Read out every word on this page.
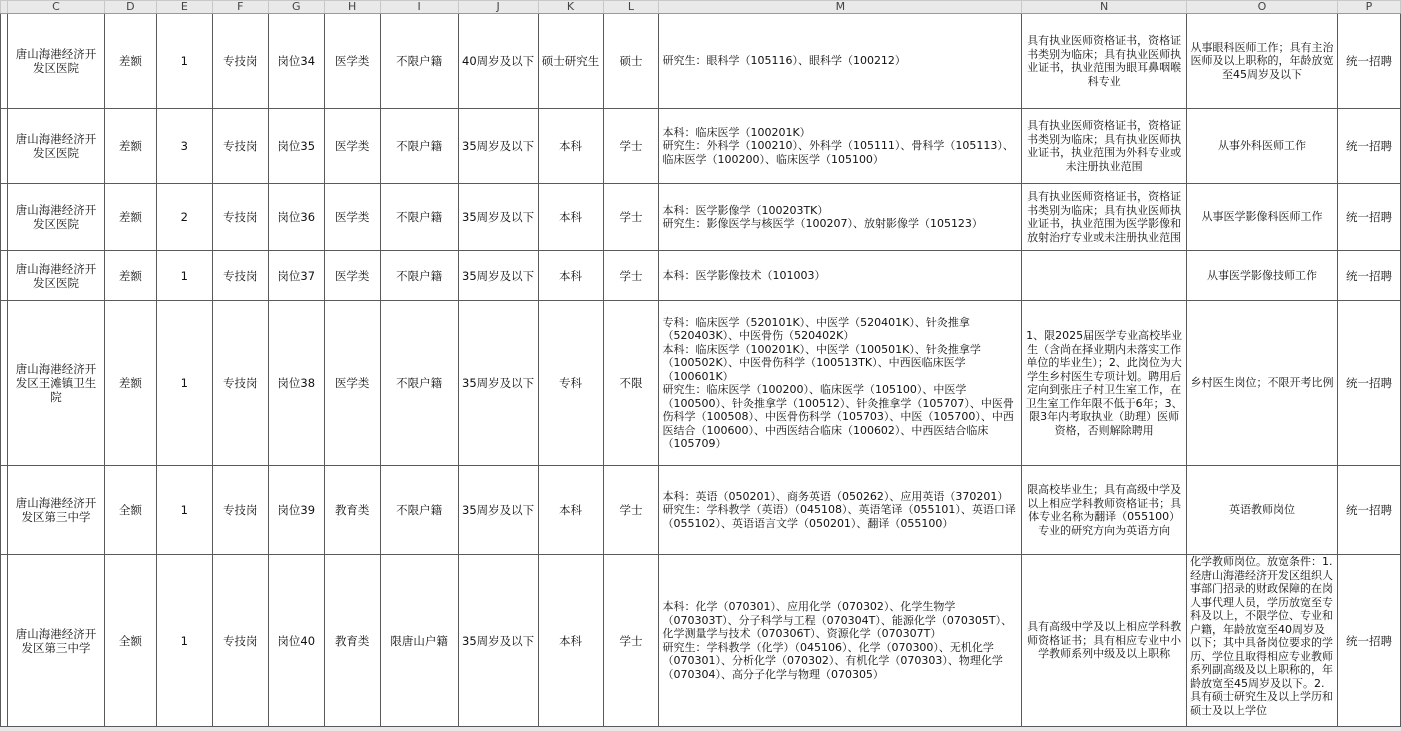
	C	D	E	F	G	H	I	J	K	L	M	N	O	P
	唐山海港经济开发区医院	差额	1	专技岗	岗位34	医学类	不限户籍	40周岁及以下	硕士研究生	硕士	研究生：眼科学（105116）、眼科学（100212）	具有执业医师资格证书，资格证书类别为临床；具有执业医师执业证书，执业范围为眼耳鼻咽喉科专业	从事眼科医师工作；具有主治医师及以上职称的，年龄放宽至45周岁及以下	统一招聘
	唐山海港经济开发区医院	差额	3	专技岗	岗位35	医学类	不限户籍	35周岁及以下	本科	学士	本科：临床医学（100201K）
研究生：外科学（100210）、外科学（105111）、骨科学（105113）、临床医学（100200）、临床医学（105100）	具有执业医师资格证书，资格证书类别为临床；具有执业医师执业证书，执业范围为外科专业或未注册执业范围	从事外科医师工作	统一招聘
	唐山海港经济开发区医院	差额	2	专技岗	岗位36	医学类	不限户籍	35周岁及以下	本科	学士	本科：医学影像学（100203TK）
研究生：影像医学与核医学（100207）、放射影像学（105123）	具有执业医师资格证书，资格证书类别为临床；具有执业医师执业证书，执业范围为医学影像和放射治疗专业或未注册执业范围	从事医学影像科医师工作	统一招聘
	唐山海港经济开发区医院	差额	1	专技岗	岗位37	医学类	不限户籍	35周岁及以下	本科	学士	本科：医学影像技术（101003）		从事医学影像技师工作	统一招聘
	唐山海港经济开发区王滩镇卫生院	差额	1	专技岗	岗位38	医学类	不限户籍	35周岁及以下	专科	不限	专科：临床医学（520101K）、中医学（520401K）、针灸推拿（520403K）、中医骨伤（520402K）
本科：临床医学（100201K）、中医学（100501K）、针灸推拿学（100502K）、中医骨伤科学（100513TK）、中西医临床医学（100601K）
研究生：临床医学（100200）、临床医学（105100）、中医学（100500）、针灸推拿学（100512）、针灸推拿学（105707）、中医骨伤科学（100508）、中医骨伤科学（105703）、中医（105700）、中西医结合（100600）、中西医结合临床（100602）、中西医结合临床（105709）	1、限2025届医学专业高校毕业生（含尚在择业期内未落实工作单位的毕业生）；2、此岗位为大学生乡村医生专项计划。聘用后定向到张庄子村卫生室工作，在卫生室工作年限不低于6年；3、限3年内考取执业（助理）医师资格，否则解除聘用	乡村医生岗位；不限开考比例	统一招聘
	唐山海港经济开发区第三中学	全额	1	专技岗	岗位39	教育类	不限户籍	35周岁及以下	本科	学士	本科：英语（050201）、商务英语（050262）、应用英语（370201）
研究生：学科教学（英语）（045108）、英语笔译（055101）、英语口译（055102）、英语语言文学（050201）、翻译（055100）	限高校毕业生；具有高级中学及以上相应学科教师资格证书；具体专业名称为翻译（055100）专业的研究方向为英语方向	英语教师岗位	统一招聘
	唐山海港经济开发区第三中学	全额	1	专技岗	岗位40	教育类	限唐山户籍	35周岁及以下	本科	学士	本科：化学（070301）、应用化学（070302）、化学生物学（070303T）、分子科学与工程（070304T）、能源化学（070305T）、化学测量学与技术（070306T）、资源化学（070307T）
研究生：学科教学（化学）（045106）、化学（070300）、无机化学（070301）、分析化学（070302）、有机化学（070303）、物理化学（070304）、高分子化学与物理（070305）	具有高级中学及以上相应学科教师资格证书；具有相应专业中小学教师系列中级及以上职称	化学教师岗位。放宽条件：1.经唐山海港经济开发区组织人事部门招录的财政保障的在岗人事代理人员，学历放宽至专科及以上，不限学位、专业和户籍，年龄放宽至40周岁及以下；其中具备岗位要求的学历、学位且取得相应专业教师系列副高级及以上职称的，年龄放宽至45周岁及以下。2.具有硕士研究生及以上学历和硕士及以上学位	统一招聘
